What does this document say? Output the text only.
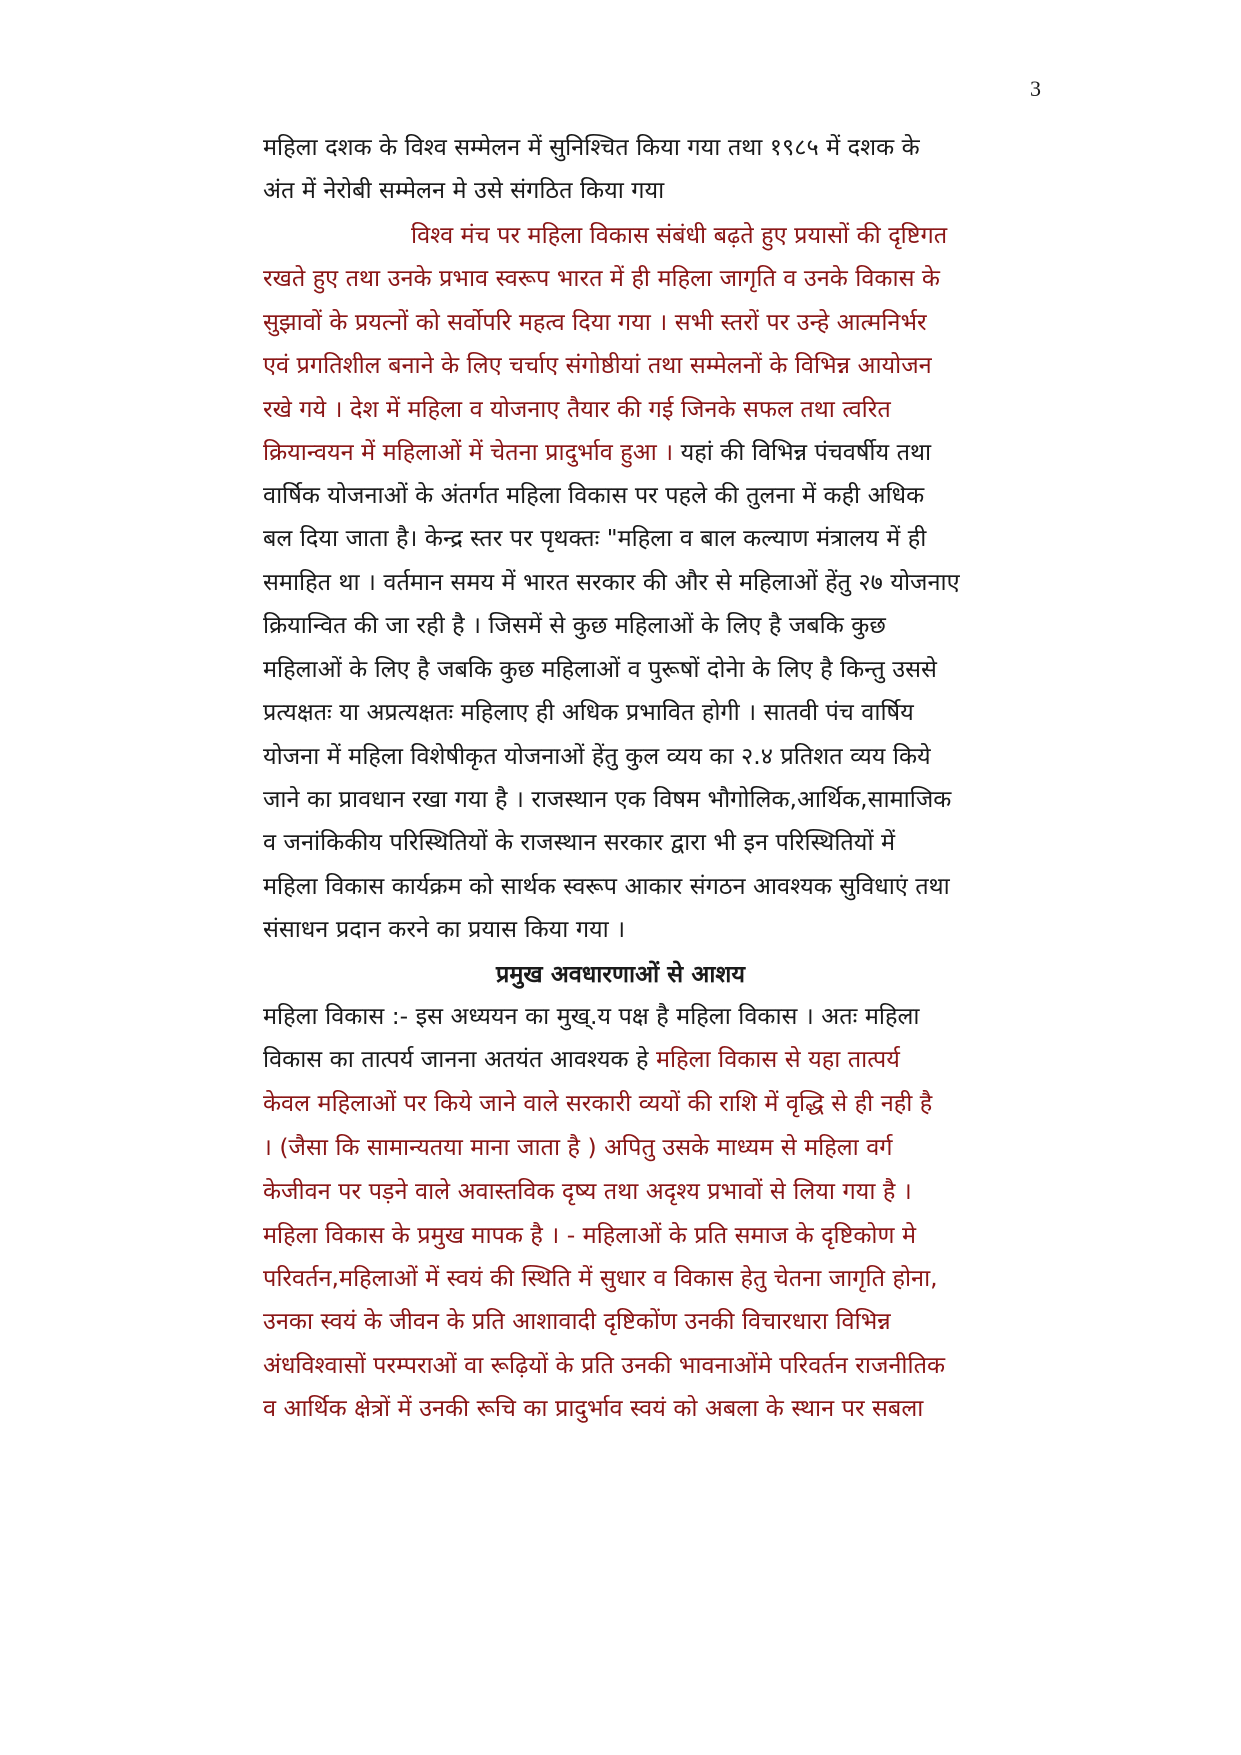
3
महिला दशक के विश्व सम्मेलन में सुनिश्चित किया गया तथा १९८५ में दशक के
अंत में नेरोबी सम्मेलन मे उसे संगठित किया गया
विश्व मंच पर महिला विकास संबंधी बढ़ते हुए प्रयासों की दृष्टिगत
रखते हुए तथा उनके प्रभाव स्वरूप भारत में ही महिला जागृति व उनके विकास के
सुझावों के प्रयत्नों को सर्वोपरि महत्व दिया गया । सभी स्तरों पर उन्हे आत्मनिर्भर
एवं प्रगतिशील बनाने के लिए चर्चाए संगोष्ठीयां तथा सम्मेलनों के विभिन्न आयोजन
रखे गये । देश में महिला व योजनाए तैयार की गई जिनके सफल तथा त्वरित
क्रियान्वयन में महिलाओं में चेतना प्रादुर्भाव हुआ । यहां की विभिन्न पंचवर्षीय तथा
वार्षिक योजनाओं के अंतर्गत महिला विकास पर पहले की तुलना में कही अधिक
बल दिया जाता है। केन्द्र स्तर पर पृथक्तः "महिला व बाल कल्याण मंत्रालय में ही
समाहित था । वर्तमान समय में भारत सरकार की और से महिलाओं हेंतु २७ योजनाए
क्रियान्वित की जा रही है । जिसमें से कुछ महिलाओं के लिए है जबकि कुछ
महिलाओं के लिए है जबकि कुछ महिलाओं व पुरूषों दोनेा के लिए है किन्तु उससे
प्रत्यक्षतः या अप्रत्यक्षतः महिलाए ही अधिक प्रभावित होगी । सातवी पंच वार्षिय
योजना में महिला विशेषीकृत योजनाओं हेंतु कुल व्यय का २.४ प्रतिशत व्यय किये
जाने का प्रावधान रखा गया है । राजस्थान एक विषम भौगोलिक,आर्थिक,सामाजिक
व जनांकिकीय परिस्थितियों के राजस्थान सरकार द्वारा भी इन परिस्थितियों में
महिला विकास कार्यक्रम को सार्थक स्वरूप आकार संगठन आवश्यक सुविधाएं तथा
संसाधन प्रदान करने का प्रयास किया गया ।
महिला विकास :- इस अध्ययन का मुख्.य पक्ष है महिला विकास । अतः महिला
विकास का तात्पर्य जानना अतयंत आवश्यक हे महिला विकास से यहा तात्पर्य
केवल महिलाओं पर किये जाने वाले सरकारी व्ययों की राशि में वृद्धि से ही नही है
। (जैसा कि सामान्यतया माना जाता है ) अपितु उसके माध्यम से महिला वर्ग
केजीवन पर पड़ने वाले अवास्तविक दृष्य तथा अदृश्य प्रभावों से लिया गया है ।
महिला विकास के प्रमुख मापक है । - महिलाओं के प्रति समाज के दृष्टिकोण मे
परिवर्तन,महिलाओं में स्वयं की स्थिति में सुधार व विकास हेतु चेतना जागृति होना,
उनका स्वयं के जीवन के प्रति आशावादी दृष्टिकोंण उनकी विचारधारा विभिन्न
अंधविश्वासों परम्पराओं वा रूढ़ियों के प्रति उनकी भावनाओंमे परिवर्तन राजनीतिक
व आर्थिक क्षेत्रों में उनकी रूचि का प्रादुर्भाव स्वयं को अबला के स्थान पर सबला
प्रमुख अवधारणाओं से आशय
